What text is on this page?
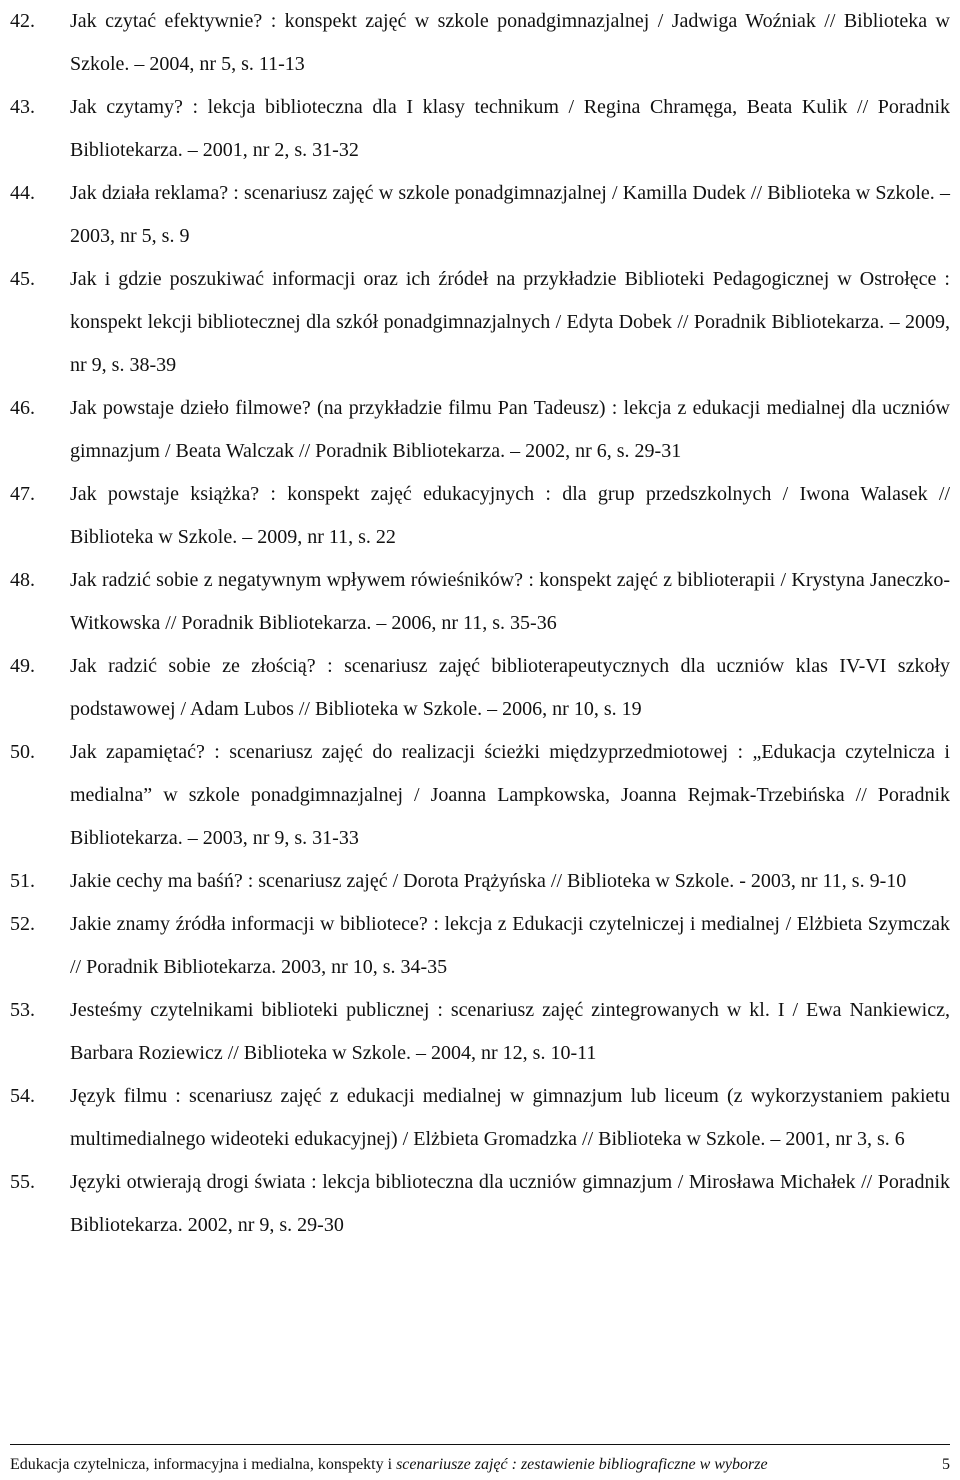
42.	Jak czytać efektywnie? : konspekt zajęć w szkole ponadgimnazjalnej / Jadwiga Woźniak // Biblioteka w Szkole. – 2004, nr 5, s. 11-13
43.	Jak czytamy? : lekcja biblioteczna dla I klasy technikum / Regina Chramęga, Beata Kulik // Poradnik Bibliotekarza. – 2001, nr 2, s. 31-32
44.	Jak działa reklama? : scenariusz zajęć w szkole ponadgimnazjalnej / Kamilla Dudek // Biblioteka w Szkole. – 2003, nr 5, s. 9
45.	Jak i gdzie poszukiwać informacji oraz ich źródeł na przykładzie Biblioteki Pedagogicznej w Ostrołęce : konspekt lekcji bibliotecznej dla szkół ponadgimnazjalnych / Edyta Dobek // Poradnik Bibliotekarza. – 2009, nr 9, s. 38-39
46.	Jak powstaje dzieło filmowe? (na przykładzie filmu Pan Tadeusz) : lekcja z edukacji medialnej dla uczniów gimnazjum / Beata Walczak // Poradnik Bibliotekarza. – 2002, nr 6, s. 29-31
47.	Jak powstaje książka? : konspekt zajęć edukacyjnych : dla grup przedszkolnych / Iwona Walasek // Biblioteka w Szkole. – 2009, nr 11, s. 22
48.	Jak radzić sobie z negatywnym wpływem rówieśników? : konspekt zajęć z biblioterapii / Krystyna Janeczko-Witkowska // Poradnik Bibliotekarza. – 2006, nr 11, s. 35-36
49.	Jak radzić sobie ze złością? : scenariusz zajęć biblioterapeutycznych dla uczniów klas IV-VI szkoły podstawowej / Adam Lubos // Biblioteka w Szkole. – 2006, nr 10, s. 19
50.	Jak zapamiętać? : scenariusz zajęć do realizacji ścieżki międzyprzedmiotowej : „Edukacja czytelnicza i medialna” w szkole ponadgimnazjalnej / Joanna Lampkowska, Joanna Rejmak-Trzebińska // Poradnik Bibliotekarza. – 2003, nr 9, s. 31-33
51.	Jakie cechy ma baśń? : scenariusz zajęć / Dorota Prążyńska // Biblioteka w Szkole. - 2003, nr 11, s. 9-10
52.	Jakie znamy źródła informacji w bibliotece? : lekcja z Edukacji czytelniczej i medialnej / Elżbieta Szymczak // Poradnik Bibliotekarza. 2003, nr 10, s. 34-35
53.	Jesteśmy czytelnikami biblioteki publicznej : scenariusz zajęć zintegrowanych w kl. I / Ewa Nankiewicz, Barbara Roziewicz // Biblioteka w Szkole. – 2004, nr 12, s. 10-11
54.	Język filmu : scenariusz zajęć z edukacji medialnej w gimnazjum lub liceum (z wykorzystaniem pakietu multimedialnego wideoteki edukacyjnej) / Elżbieta Gromadzka // Biblioteka w Szkole. – 2001, nr 3, s. 6
55.	Języki otwierają drogi świata : lekcja biblioteczna dla uczniów gimnazjum / Mirosława Michałek // Poradnik Bibliotekarza. 2002, nr 9, s. 29-30
Edukacja czytelnicza, informacyjna i medialna, konspekty i scenariusze zajęć : zestawienie bibliograficzne w wyborze	5
